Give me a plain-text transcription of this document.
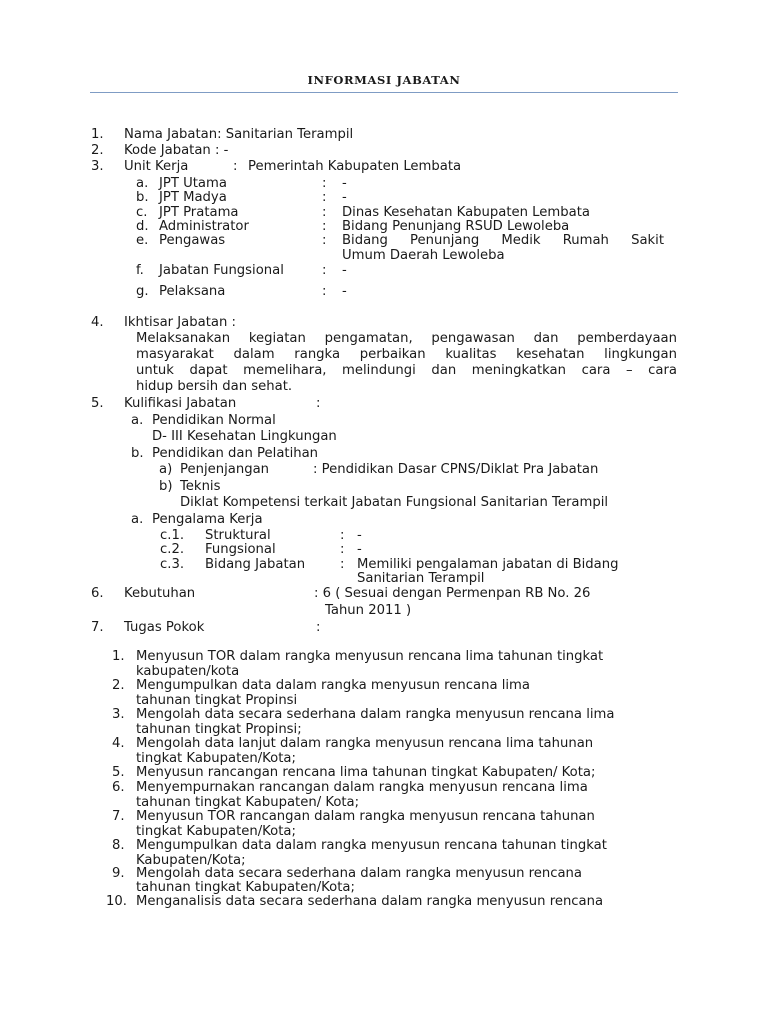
INFORMASI JABATAN
1. Nama Jabatan: Sanitarian Terampil
2. Kode Jabatan : -
3. Unit Kerja	: Pemerintah Kabupaten Lembata
a. JPT Utama	: -
b. JPT Madya	: -
c. JPT Pratama	: Dinas Kesehatan Kabupaten Lembata
d. Administrator	: Bidang Penunjang RSUD Lewoleba
e. Pengawas	: Bidang Penunjang Medik Rumah Sakit
Umum Daerah Lewoleba
f. Jabatan Fungsional	: -
g. Pelaksana	: -
4. Ikhtisar Jabatan :
Melaksanakan kegiatan pengamatan, pengawasan dan pemberdayaan
masyarakat dalam rangka perbaikan kualitas kesehatan lingkungan
untuk dapat memelihara, melindungi dan meningkatkan cara – cara
hidup bersih dan sehat.
5. Kulifikasi Jabatan	:
a. Pendidikan Normal
D- III Kesehatan Lingkungan
b. Pendidikan dan Pelatihan
a) Penjenjangan	: Pendidikan Dasar CPNS/Diklat Pra Jabatan
b) Teknis
Diklat Kompetensi terkait Jabatan Fungsional Sanitarian Terampil
a. Pengalama Kerja
c.1. Struktural	: -
c.2. Fungsional	: -
c.3. Bidang Jabatan	: Memiliki pengalaman jabatan di Bidang
Sanitarian Terampil
6. Kebutuhan	: 6 ( Sesuai dengan Permenpan RB No. 26
Tahun 2011 )
7. Tugas Pokok	:
1. Menyusun TOR dalam rangka menyusun rencana lima tahunan tingkat
kabupaten/kota
2. Mengumpulkan data dalam rangka menyusun rencana lima
tahunan tingkat Propinsi
3. Mengolah data secara sederhana dalam rangka menyusun rencana lima
tahunan tingkat Propinsi;
4. Mengolah data lanjut dalam rangka menyusun rencana lima tahunan
tingkat Kabupaten/Kota;
5. Menyusun rancangan rencana lima tahunan tingkat Kabupaten/ Kota;
6. Menyempurnakan rancangan dalam rangka menyusun rencana lima
tahunan tingkat Kabupaten/ Kota;
7. Menyusun TOR rancangan dalam rangka menyusun rencana tahunan
tingkat Kabupaten/Kota;
8. Mengumpulkan data dalam rangka menyusun rencana tahunan tingkat
Kabupaten/Kota;
9. Mengolah data secara sederhana dalam rangka menyusun rencana
tahunan tingkat Kabupaten/Kota;
10. Menganalisis data secara sederhana dalam rangka menyusun rencana
